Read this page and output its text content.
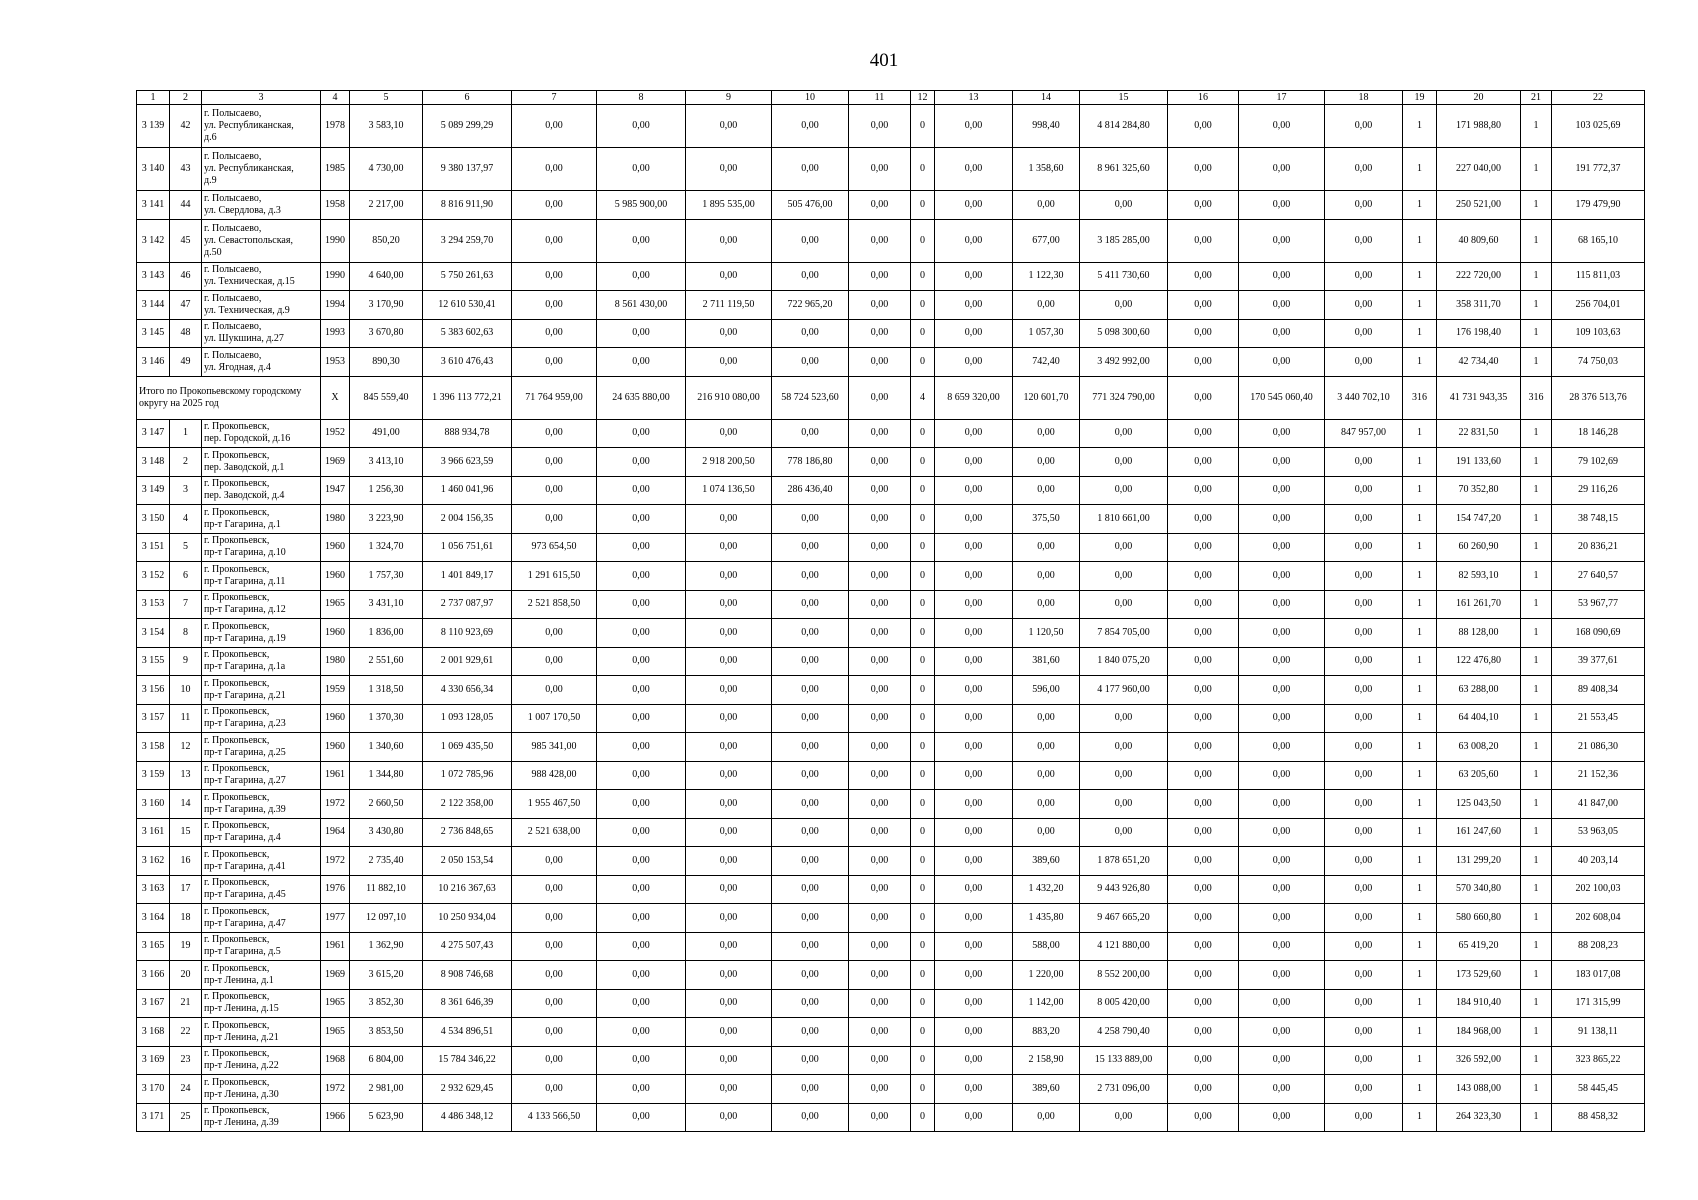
401
1	2	3	4	5	6	7	8	9	10	11	12	13	14	15	16	17	18	19	20	21	22
3 139	42	г. Полысаево,
ул. Республиканская,
д.6	1978	3 583,10	5 089 299,29	0,00	0,00	0,00	0,00	0,00	0	0,00	998,40	4 814 284,80	0,00	0,00	0,00	1	171 988,80	1	103 025,69
3 140	43	г. Полысаево,
ул. Республиканская,
д.9	1985	4 730,00	9 380 137,97	0,00	0,00	0,00	0,00	0,00	0	0,00	1 358,60	8 961 325,60	0,00	0,00	0,00	1	227 040,00	1	191 772,37
3 141	44	г. Полысаево,
ул. Свердлова, д.3	1958	2 217,00	8 816 911,90	0,00	5 985 900,00	1 895 535,00	505 476,00	0,00	0	0,00	0,00	0,00	0,00	0,00	0,00	1	250 521,00	1	179 479,90
3 142	45	г. Полысаево,
ул. Севастопольская,
д.50	1990	850,20	3 294 259,70	0,00	0,00	0,00	0,00	0,00	0	0,00	677,00	3 185 285,00	0,00	0,00	0,00	1	40 809,60	1	68 165,10
3 143	46	г. Полысаево,
ул. Техническая, д.15	1990	4 640,00	5 750 261,63	0,00	0,00	0,00	0,00	0,00	0	0,00	1 122,30	5 411 730,60	0,00	0,00	0,00	1	222 720,00	1	115 811,03
3 144	47	г. Полысаево,
ул. Техническая, д.9	1994	3 170,90	12 610 530,41	0,00	8 561 430,00	2 711 119,50	722 965,20	0,00	0	0,00	0,00	0,00	0,00	0,00	0,00	1	358 311,70	1	256 704,01
3 145	48	г. Полысаево,
ул. Шукшина, д.27	1993	3 670,80	5 383 602,63	0,00	0,00	0,00	0,00	0,00	0	0,00	1 057,30	5 098 300,60	0,00	0,00	0,00	1	176 198,40	1	109 103,63
3 146	49	г. Полысаево,
ул. Ягодная, д.4	1953	890,30	3 610 476,43	0,00	0,00	0,00	0,00	0,00	0	0,00	742,40	3 492 992,00	0,00	0,00	0,00	1	42 734,40	1	74 750,03
Итого по Прокопьевскому городскому округу на 2025 год			X	845 559,40	1 396 113 772,21	71 764 959,00	24 635 880,00	216 910 080,00	58 724 523,60	0,00	4	8 659 320,00	120 601,70	771 324 790,00	0,00	170 545 060,40	3 440 702,10	316	41 731 943,35	316	28 376 513,76
3 147	1	г. Прокопьевск,
пер. Городской, д.16	1952	491,00	888 934,78	0,00	0,00	0,00	0,00	0,00	0	0,00	0,00	0,00	0,00	0,00	847 957,00	1	22 831,50	1	18 146,28
3 148	2	г. Прокопьевск,
пер. Заводской, д.1	1969	3 413,10	3 966 623,59	0,00	0,00	2 918 200,50	778 186,80	0,00	0	0,00	0,00	0,00	0,00	0,00	0,00	1	191 133,60	1	79 102,69
3 149	3	г. Прокопьевск,
пер. Заводской, д.4	1947	1 256,30	1 460 041,96	0,00	0,00	1 074 136,50	286 436,40	0,00	0	0,00	0,00	0,00	0,00	0,00	0,00	1	70 352,80	1	29 116,26
3 150	4	г. Прокопьевск,
пр-т Гагарина, д.1	1980	3 223,90	2 004 156,35	0,00	0,00	0,00	0,00	0,00	0	0,00	375,50	1 810 661,00	0,00	0,00	0,00	1	154 747,20	1	38 748,15
3 151	5	г. Прокопьевск,
пр-т Гагарина, д.10	1960	1 324,70	1 056 751,61	973 654,50	0,00	0,00	0,00	0,00	0	0,00	0,00	0,00	0,00	0,00	0,00	1	60 260,90	1	20 836,21
3 152	6	г. Прокопьевск,
пр-т Гагарина, д.11	1960	1 757,30	1 401 849,17	1 291 615,50	0,00	0,00	0,00	0,00	0	0,00	0,00	0,00	0,00	0,00	0,00	1	82 593,10	1	27 640,57
3 153	7	г. Прокопьевск,
пр-т Гагарина, д.12	1965	3 431,10	2 737 087,97	2 521 858,50	0,00	0,00	0,00	0,00	0	0,00	0,00	0,00	0,00	0,00	0,00	1	161 261,70	1	53 967,77
3 154	8	г. Прокопьевск,
пр-т Гагарина, д.19	1960	1 836,00	8 110 923,69	0,00	0,00	0,00	0,00	0,00	0	0,00	1 120,50	7 854 705,00	0,00	0,00	0,00	1	88 128,00	1	168 090,69
3 155	9	г. Прокопьевск,
пр-т Гагарина, д.1а	1980	2 551,60	2 001 929,61	0,00	0,00	0,00	0,00	0,00	0	0,00	381,60	1 840 075,20	0,00	0,00	0,00	1	122 476,80	1	39 377,61
3 156	10	г. Прокопьевск,
пр-т Гагарина, д.21	1959	1 318,50	4 330 656,34	0,00	0,00	0,00	0,00	0,00	0	0,00	596,00	4 177 960,00	0,00	0,00	0,00	1	63 288,00	1	89 408,34
3 157	11	г. Прокопьевск,
пр-т Гагарина, д.23	1960	1 370,30	1 093 128,05	1 007 170,50	0,00	0,00	0,00	0,00	0	0,00	0,00	0,00	0,00	0,00	0,00	1	64 404,10	1	21 553,45
3 158	12	г. Прокопьевск,
пр-т Гагарина, д.25	1960	1 340,60	1 069 435,50	985 341,00	0,00	0,00	0,00	0,00	0	0,00	0,00	0,00	0,00	0,00	0,00	1	63 008,20	1	21 086,30
3 159	13	г. Прокопьевск,
пр-т Гагарина, д.27	1961	1 344,80	1 072 785,96	988 428,00	0,00	0,00	0,00	0,00	0	0,00	0,00	0,00	0,00	0,00	0,00	1	63 205,60	1	21 152,36
3 160	14	г. Прокопьевск,
пр-т Гагарина, д.39	1972	2 660,50	2 122 358,00	1 955 467,50	0,00	0,00	0,00	0,00	0	0,00	0,00	0,00	0,00	0,00	0,00	1	125 043,50	1	41 847,00
3 161	15	г. Прокопьевск,
пр-т Гагарина, д.4	1964	3 430,80	2 736 848,65	2 521 638,00	0,00	0,00	0,00	0,00	0	0,00	0,00	0,00	0,00	0,00	0,00	1	161 247,60	1	53 963,05
3 162	16	г. Прокопьевск,
пр-т Гагарина, д.41	1972	2 735,40	2 050 153,54	0,00	0,00	0,00	0,00	0,00	0	0,00	389,60	1 878 651,20	0,00	0,00	0,00	1	131 299,20	1	40 203,14
3 163	17	г. Прокопьевск,
пр-т Гагарина, д.45	1976	11 882,10	10 216 367,63	0,00	0,00	0,00	0,00	0,00	0	0,00	1 432,20	9 443 926,80	0,00	0,00	0,00	1	570 340,80	1	202 100,03
3 164	18	г. Прокопьевск,
пр-т Гагарина, д.47	1977	12 097,10	10 250 934,04	0,00	0,00	0,00	0,00	0,00	0	0,00	1 435,80	9 467 665,20	0,00	0,00	0,00	1	580 660,80	1	202 608,04
3 165	19	г. Прокопьевск,
пр-т Гагарина, д.5	1961	1 362,90	4 275 507,43	0,00	0,00	0,00	0,00	0,00	0	0,00	588,00	4 121 880,00	0,00	0,00	0,00	1	65 419,20	1	88 208,23
3 166	20	г. Прокопьевск,
пр-т Ленина, д.1	1969	3 615,20	8 908 746,68	0,00	0,00	0,00	0,00	0,00	0	0,00	1 220,00	8 552 200,00	0,00	0,00	0,00	1	173 529,60	1	183 017,08
3 167	21	г. Прокопьевск,
пр-т Ленина, д.15	1965	3 852,30	8 361 646,39	0,00	0,00	0,00	0,00	0,00	0	0,00	1 142,00	8 005 420,00	0,00	0,00	0,00	1	184 910,40	1	171 315,99
3 168	22	г. Прокопьевск,
пр-т Ленина, д.21	1965	3 853,50	4 534 896,51	0,00	0,00	0,00	0,00	0,00	0	0,00	883,20	4 258 790,40	0,00	0,00	0,00	1	184 968,00	1	91 138,11
3 169	23	г. Прокопьевск,
пр-т Ленина, д.22	1968	6 804,00	15 784 346,22	0,00	0,00	0,00	0,00	0,00	0	0,00	2 158,90	15 133 889,00	0,00	0,00	0,00	1	326 592,00	1	323 865,22
3 170	24	г. Прокопьевск,
пр-т Ленина, д.30	1972	2 981,00	2 932 629,45	0,00	0,00	0,00	0,00	0,00	0	0,00	389,60	2 731 096,00	0,00	0,00	0,00	1	143 088,00	1	58 445,45
3 171	25	г. Прокопьевск,
пр-т Ленина, д.39	1966	5 623,90	4 486 348,12	4 133 566,50	0,00	0,00	0,00	0,00	0	0,00	0,00	0,00	0,00	0,00	0,00	1	264 323,30	1	88 458,32
